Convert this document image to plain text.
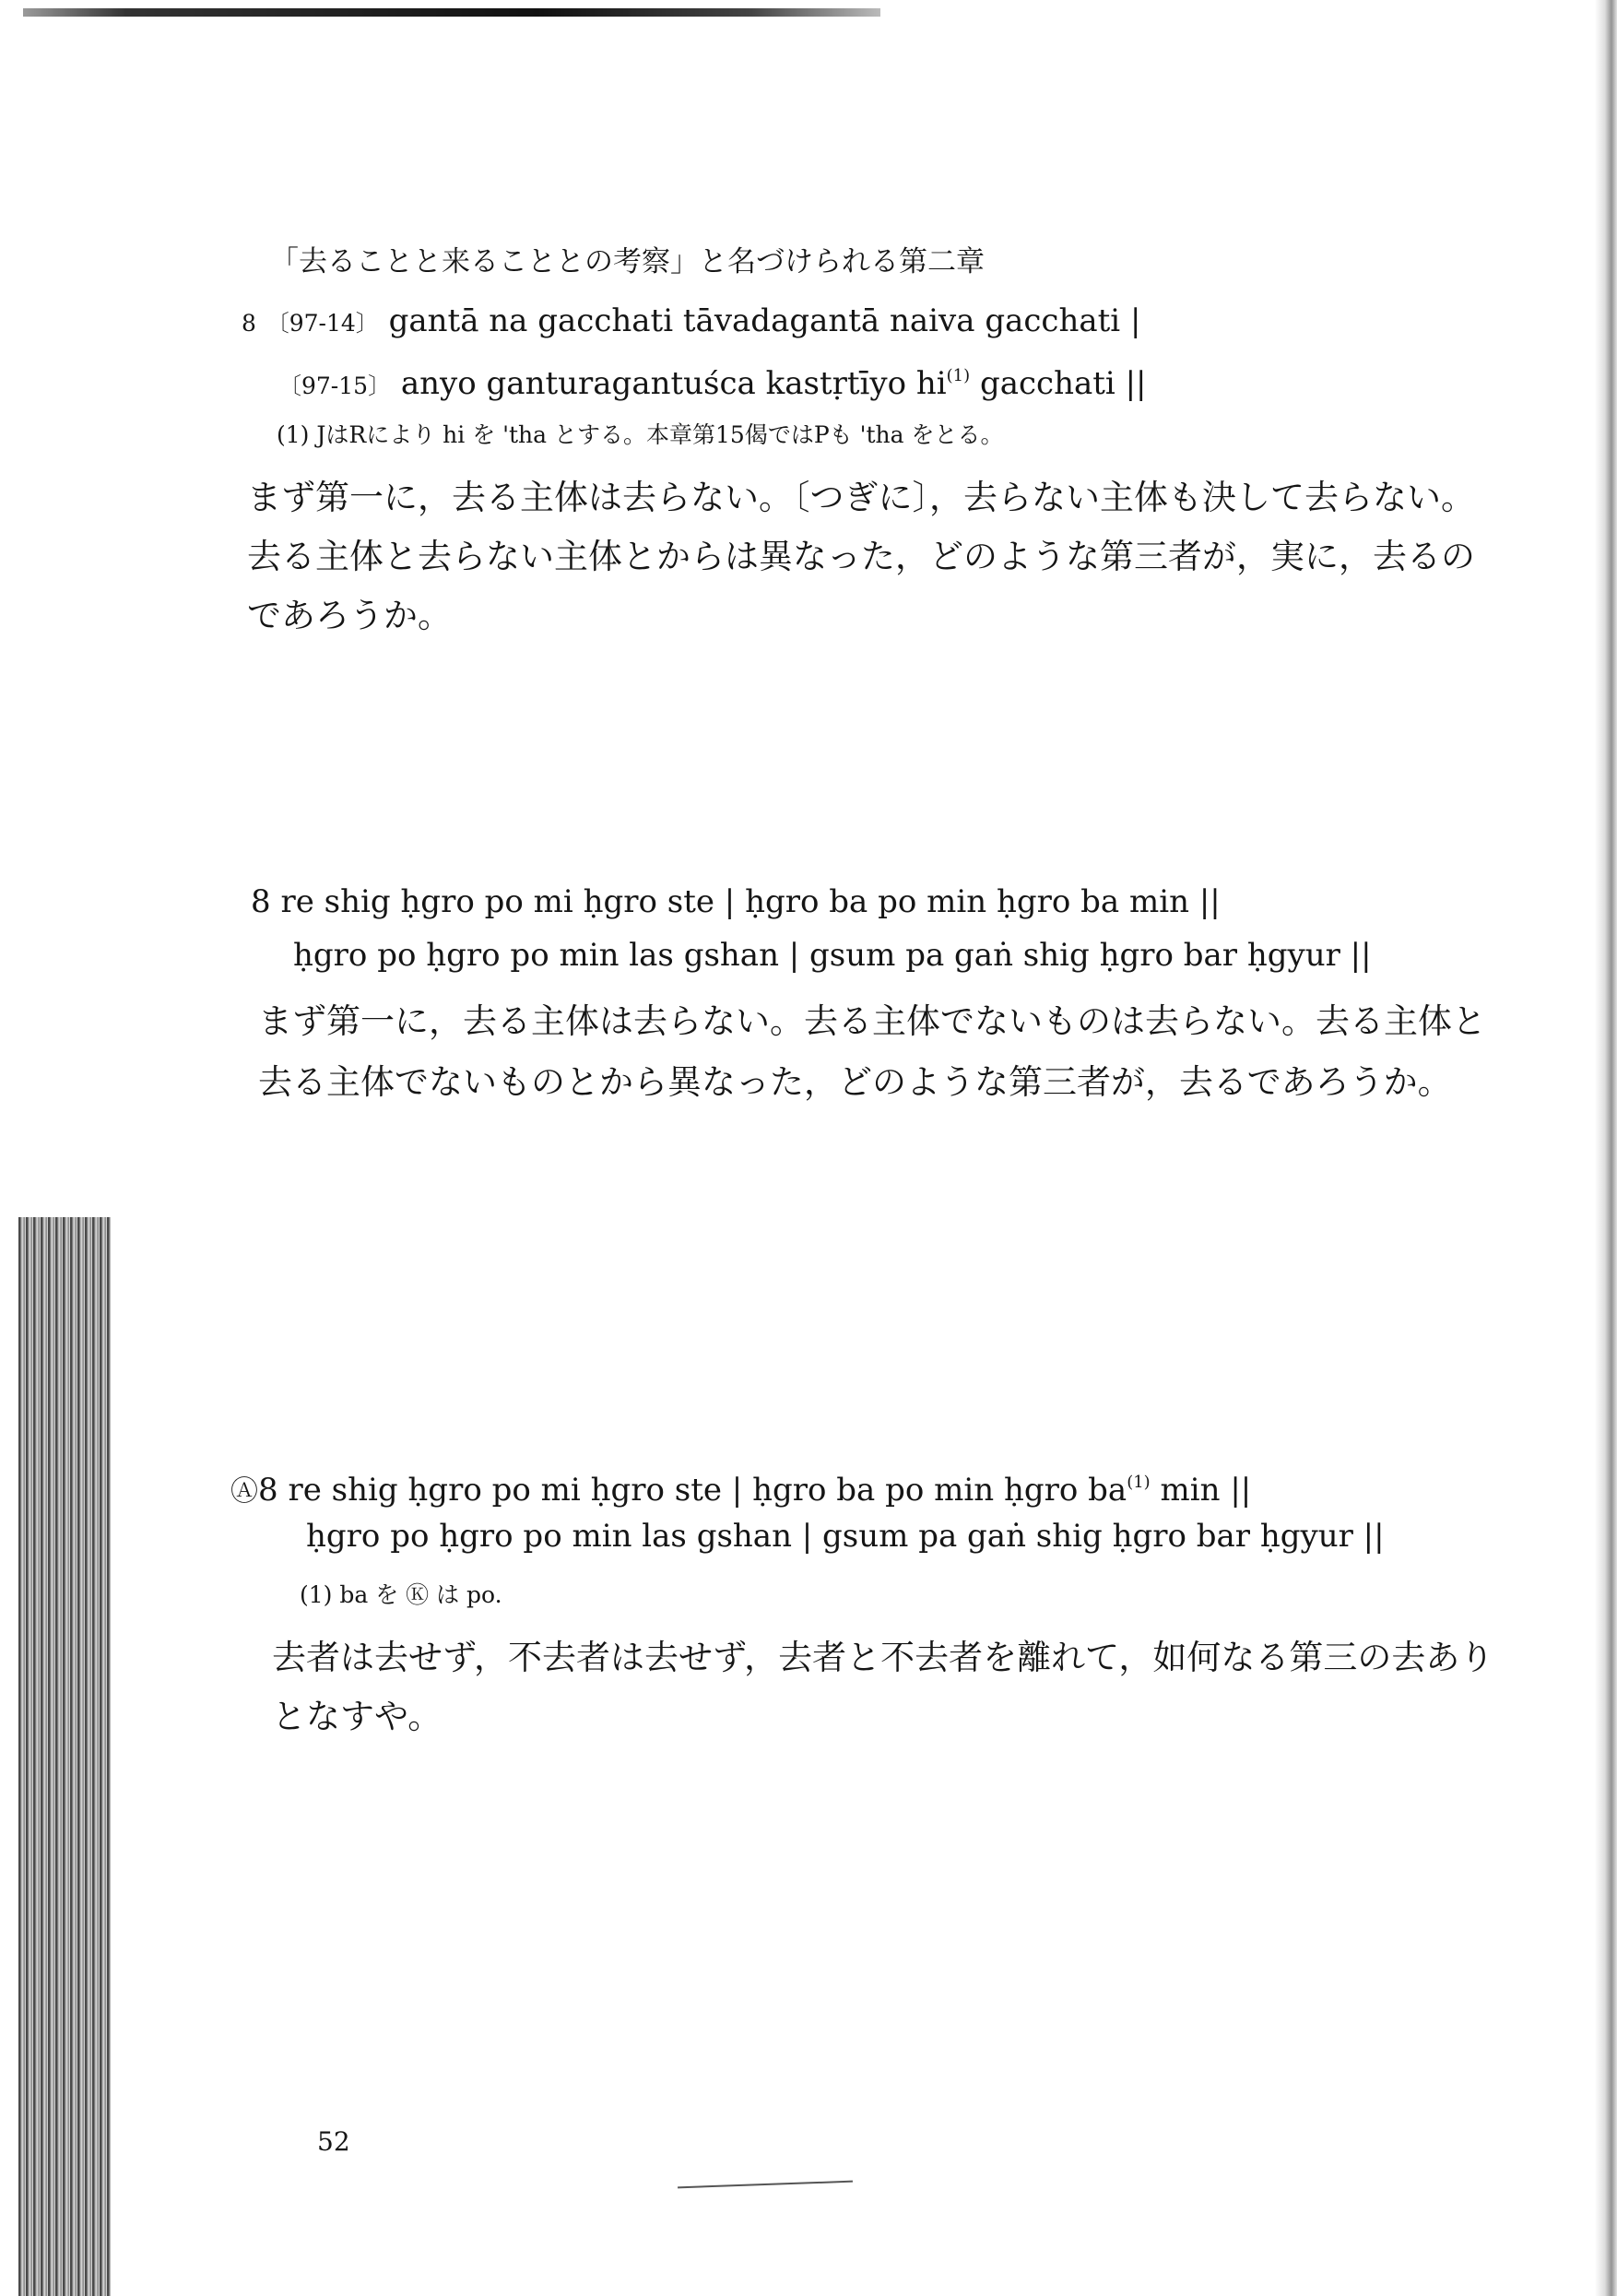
「去ることと来ることとの考察」と名づけられる第二章
8 〔97-14〕 gantā na gacchati tāvadagantā naiva gacchati |
〔97-15〕 anyo ganturagantuśca kastṛtīyo $hi^{(1)}$ gacchati ||
(1) JはRにより hi を 'tha とする。本章第15偈ではPも 'tha をとる。
まず第一に，去る主体は去らない。〔つぎに〕，去らない主体も決して去らない。
去る主体と去らない主体とからは異なった，どのような第三者が，実に，去るの
であろうか。
8 re shig ḥgro po mi ḥgro ste | ḥgro ba po min ḥgro ba min ||
ḥgro po ḥgro po min las gshan | gsum pa gaṅ shig ḥgro bar ḥgyur ||
まず第一に，去る主体は去らない。去る主体でないものは去らない。去る主体と
去る主体でないものとから異なった，どのような第三者が，去るであろうか。
Ⓐ8 re shig ḥgro po mi ḥgro ste | ḥgro ba po min ḥgro $ba^{(1)}$ min ||
ḥgro po ḥgro po min las gshan | gsum pa gaṅ shig ḥgro bar ḥgyur ||
(1) ba を Ⓚ は po.
去者は去せず，不去者は去せず，去者と不去者を離れて，如何なる第三の去あり
となすや。
52
